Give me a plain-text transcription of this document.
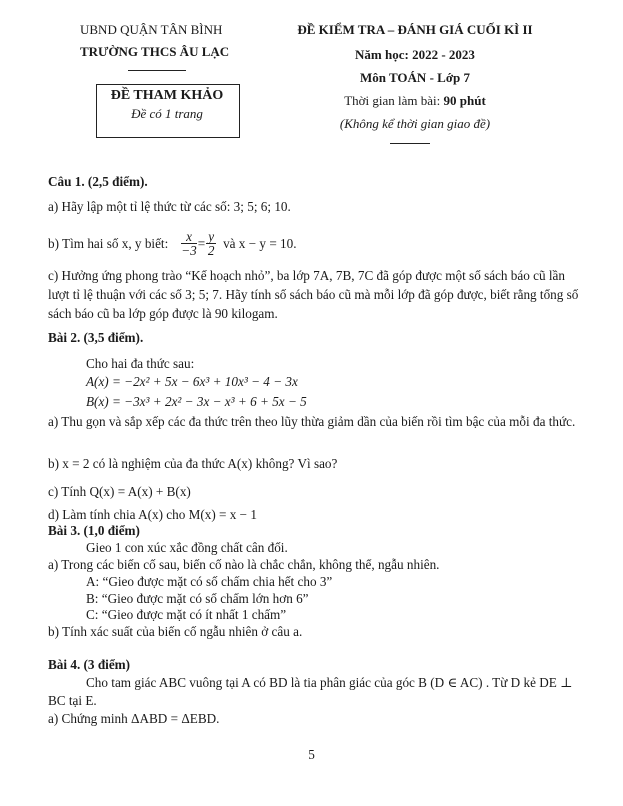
UBND QUẬN TÂN BÌNH
TRƯỜNG THCS ÂU LẠC
ĐỀ THAM KHẢO
Đề có 1 trang
ĐỀ KIỂM TRA – ĐÁNH GIÁ CUỐI KÌ II
Năm học: 2022 - 2023
Môn TOÁN - Lớp 7
Thời gian làm bài: 90 phút
(Không kể thời gian giao đề)
Câu 1. (2,5 điểm).
a) Hãy lập một tỉ lệ thức từ các số: 3; 5; 6; 10.
b) Tìm hai số x, y biết: $\frac{x}{-3} = \frac{y}{2}$ và x − y = 10.
c) Hưởng ứng phong trào “Kế hoạch nhỏ”, ba lớp 7A, 7B, 7C đã góp được một số sách báo cũ lần lượt tỉ lệ thuận với các số 3; 5; 7. Hãy tính số sách báo cũ mà mỗi lớp đã góp được, biết rằng tổng số sách báo cũ ba lớp góp được là 90 kilogam.
Bài 2. (3,5 điểm).
Cho hai đa thức sau:
A(x) = −2x² + 5x − 6x³ + 10x³ − 4 − 3x
B(x) = −3x³ + 2x² − 3x − x³ + 6 + 5x − 5
a) Thu gọn và sắp xếp các đa thức trên theo lũy thừa giảm dần của biến rồi tìm bậc của mỗi đa thức.
b) x = 2 có là nghiệm của đa thức A(x) không? Vì sao?
c) Tính Q(x) = A(x) + B(x)
d) Làm tính chia A(x) cho M(x) = x − 1
Bài 3. (1,0 điểm)
Gieo 1 con xúc xắc đồng chất cân đối.
a) Trong các biến cố sau, biến cố nào là chắc chắn, không thể, ngẫu nhiên.
A: “Gieo được mặt có số chấm chia hết cho 3”
B: “Gieo được mặt có số chấm lớn hơn 6”
C: “Gieo được mặt có ít nhất 1 chấm”
b) Tính xác suất của biến cố ngẫu nhiên ở câu a.
Bài 4. (3 điểm)
Cho tam giác ABC vuông tại A có BD là tia phân giác của góc B (D ∈ AC) . Từ D kẻ DE ⊥ BC tại E.
a) Chứng minh ΔABD = ΔEBD.
5
